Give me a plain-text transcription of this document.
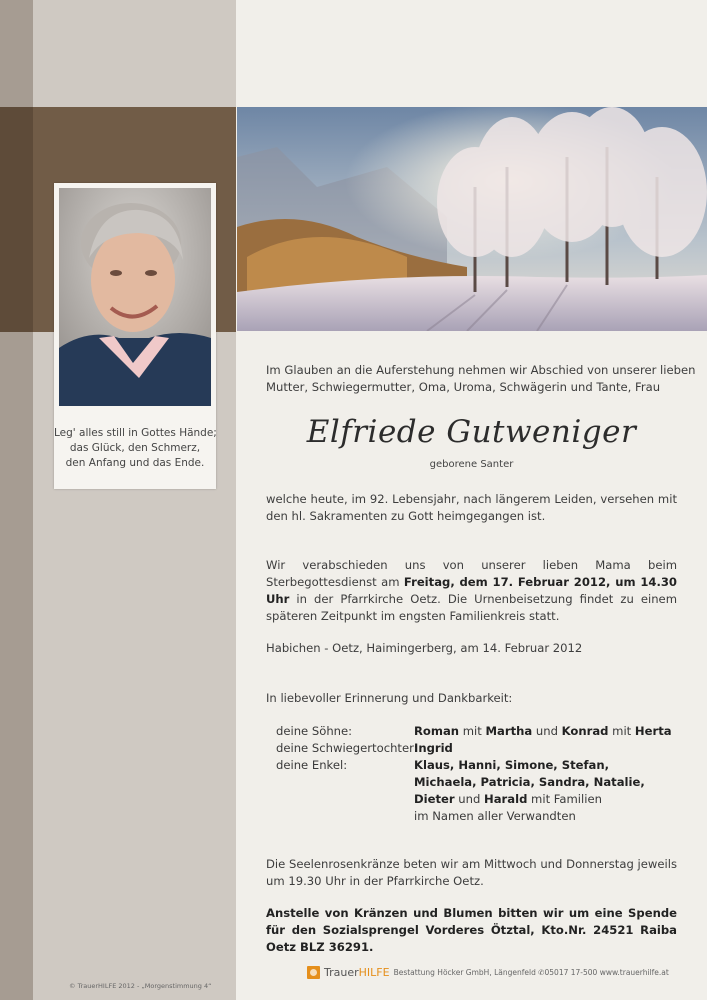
Leg' alles still in Gottes Hände;
das Glück, den Schmerz,
den Anfang und das Ende.
Im Glauben an die Auferstehung nehmen wir Abschied von unserer lieben
Mutter, Schwiegermutter, Oma, Uroma, Schwägerin und Tante, Frau
Elfriede Gutweniger
geborene Santer
welche heute, im 92. Lebensjahr, nach längerem Leiden, versehen mit den hl. Sakramenten zu Gott heimgegangen ist.
Wir verabschieden uns von unserer lieben Mama beim Sterbegottesdienst am Freitag, dem 17. Februar 2012, um 14.30 Uhr in der Pfarrkirche Oetz. Die Urnenbeisetzung findet zu einem späteren Zeitpunkt im engsten Familienkreis statt.
Habichen - Oetz, Haimingerberg, am 14. Februar 2012
In liebevoller Erinnerung und Dankbarkeit:
deine Söhne:	Roman mit Martha und Konrad mit Herta
deine Schwiegertochter:
Ingrid
deine Enkel:	Klaus, Hanni, Simone, Stefan,
Michaela, Patricia, Sandra, Natalie,
Dieter und Harald mit Familien
im Namen aller Verwandten
Die Seelenrosenkränze beten wir am Mittwoch und Donnerstag jeweils um 19.30 Uhr in der Pfarrkirche Oetz.
Anstelle von Kränzen und Blumen bitten wir um eine Spende für den Sozialsprengel Vorderes Ötztal, Kto.Nr. 24521 Raiba Oetz BLZ 36291.
© TrauerHILFE 2012 - „Morgenstimmung 4“
TrauerHILFE Bestattung Höcker GmbH, Längenfeld ✆05017 17-500 www.trauerhilfe.at
